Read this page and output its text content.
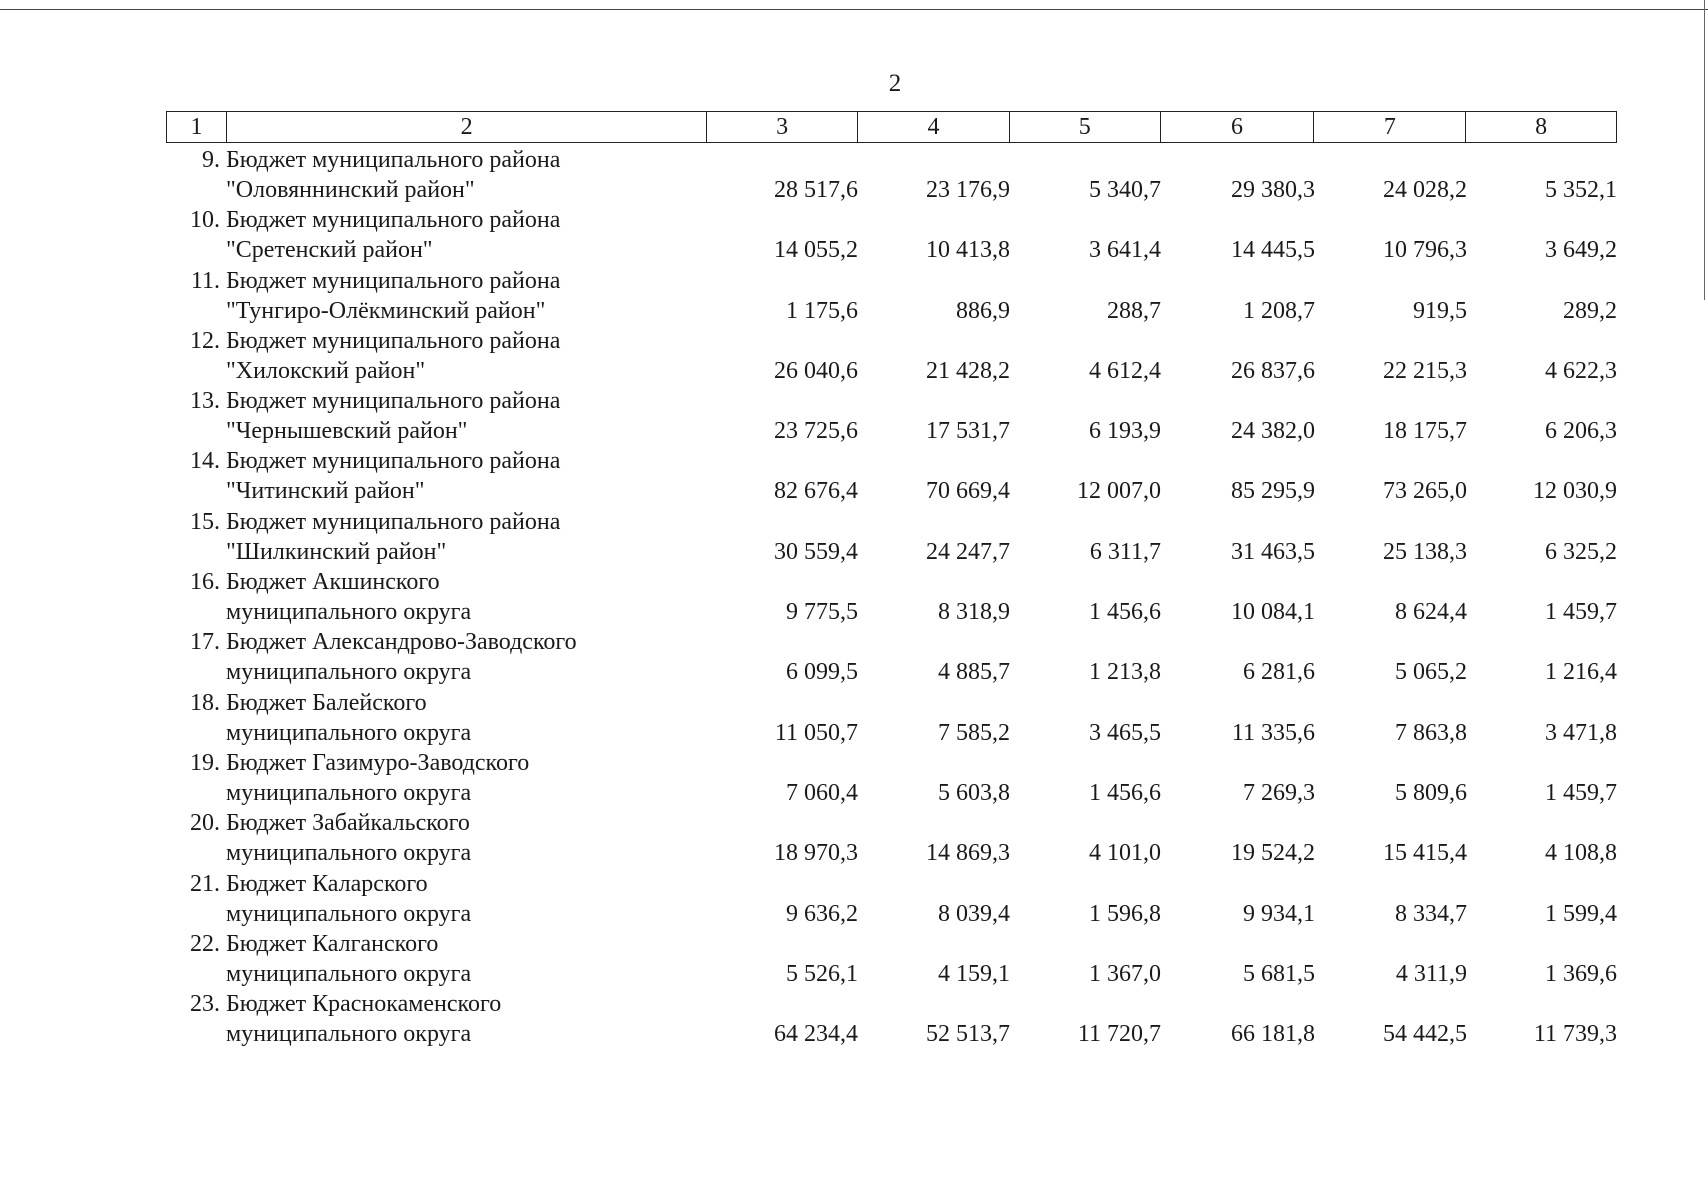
2
1	2	3	4	5	6	7	8
9. Бюджет муниципального района
"Оловяннинский район"	28 517,6	23 176,9	5 340,7	29 380,3	24 028,2	5 352,1
10. Бюджет муниципального района
"Сретенский район"	14 055,2	10 413,8	3 641,4	14 445,5	10 796,3	3 649,2
11. Бюджет муниципального района
"Тунгиро-Олёкминский район"	1 175,6	886,9	288,7	1 208,7	919,5	289,2
12. Бюджет муниципального района
"Хилокский район"	26 040,6	21 428,2	4 612,4	26 837,6	22 215,3	4 622,3
13. Бюджет муниципального района
"Чернышевский район"	23 725,6	17 531,7	6 193,9	24 382,0	18 175,7	6 206,3
14. Бюджет муниципального района
"Читинский район"	82 676,4	70 669,4	12 007,0	85 295,9	73 265,0	12 030,9
15. Бюджет муниципального района
"Шилкинский район"	30 559,4	24 247,7	6 311,7	31 463,5	25 138,3	6 325,2
16. Бюджет Акшинского
муниципального округа	9 775,5	8 318,9	1 456,6	10 084,1	8 624,4	1 459,7
17. Бюджет Александрово-Заводского
муниципального округа	6 099,5	4 885,7	1 213,8	6 281,6	5 065,2	1 216,4
18. Бюджет Балейского
муниципального округа	11 050,7	7 585,2	3 465,5	11 335,6	7 863,8	3 471,8
19. Бюджет Газимуро-Заводского
муниципального округа	7 060,4	5 603,8	1 456,6	7 269,3	5 809,6	1 459,7
20. Бюджет Забайкальского
муниципального округа	18 970,3	14 869,3	4 101,0	19 524,2	15 415,4	4 108,8
21. Бюджет Каларского
муниципального округа	9 636,2	8 039,4	1 596,8	9 934,1	8 334,7	1 599,4
22. Бюджет Калганского
муниципального округа	5 526,1	4 159,1	1 367,0	5 681,5	4 311,9	1 369,6
23. Бюджет Краснокаменского
муниципального округа	64 234,4	52 513,7	11 720,7	66 181,8	54 442,5	11 739,3
